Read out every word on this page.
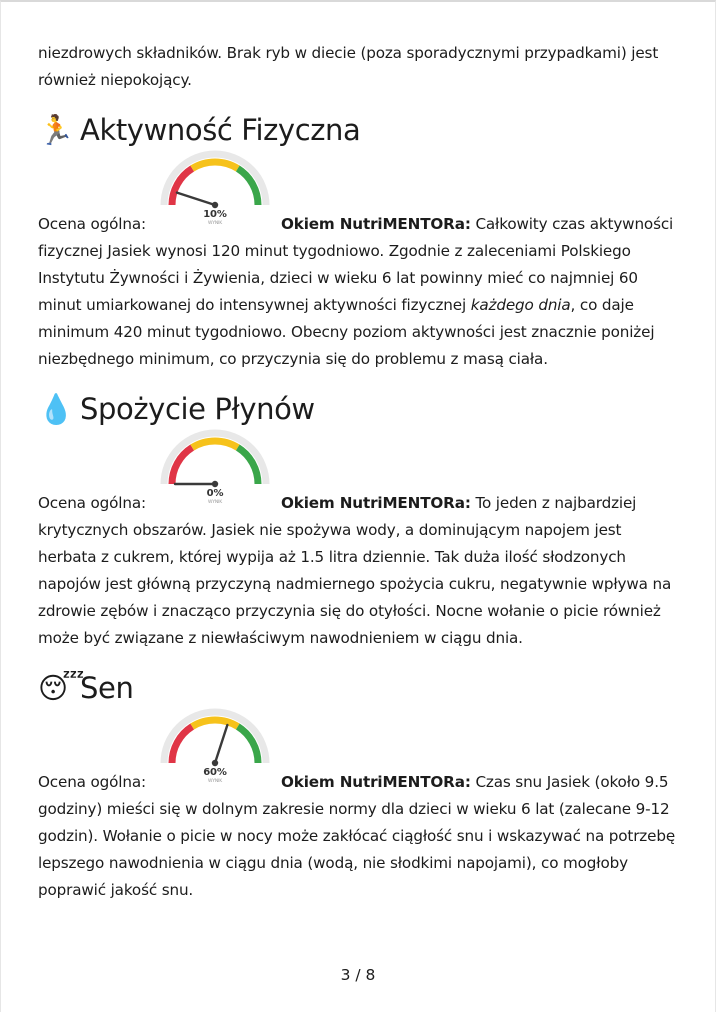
niezdrowych składników. Brak ryb w diecie (poza sporadycznymi przypadkami) jest również niepokojący.

🏃 Aktywność Fizyczna
10%
WYNIK

Ocena ogólna:	Okiem NutriMENTORa: Całkowity czas aktywności fizycznej Jasiek wynosi 120 minut tygodniowo. Zgodnie z zaleceniami Polskiego Instytutu Żywności i Żywienia, dzieci w wieku 6 lat powinny mieć co najmniej 60 minut umiarkowanej do intensywnej aktywności fizycznej każdego dnia, co daje minimum 420 minut tygodniowo. Obecny poziom aktywności jest znacznie poniżej niezbędnego minimum, co przyczynia się do problemu z masą ciała.

💧 Spożycie Płynów
0%
WYNIK

Ocena ogólna:	Okiem NutriMENTORa: To jeden z najbardziej krytycznych obszarów. Jasiek nie spożywa wody, a dominującym napojem jest herbata z cukrem, której wypija aż 1.5 litra dziennie. Tak duża ilość słodzonych napojów jest główną przyczyną nadmiernego spożycia cukru, negatywnie wpływa na zdrowie zębów i znacząco przyczynia się do otyłości. Nocne wołanie o picie również może być związane z niewłaściwym nawodnieniem w ciągu dnia.

😴
Sen
60%
WYNIK

Ocena ogólna:	Okiem NutriMENTORa: Czas snu Jasiek (około 9.5 godziny) mieści się w dolnym zakresie normy dla dzieci w wieku 6 lat (zalecane 9-12 godzin). Wołanie o picie w nocy może zakłócać ciągłość snu i wskazywać na potrzebę lepszego nawodnienia w ciągu dnia (wodą, nie słodkimi napojami), co mogłoby poprawić jakość snu.

3 / 8
